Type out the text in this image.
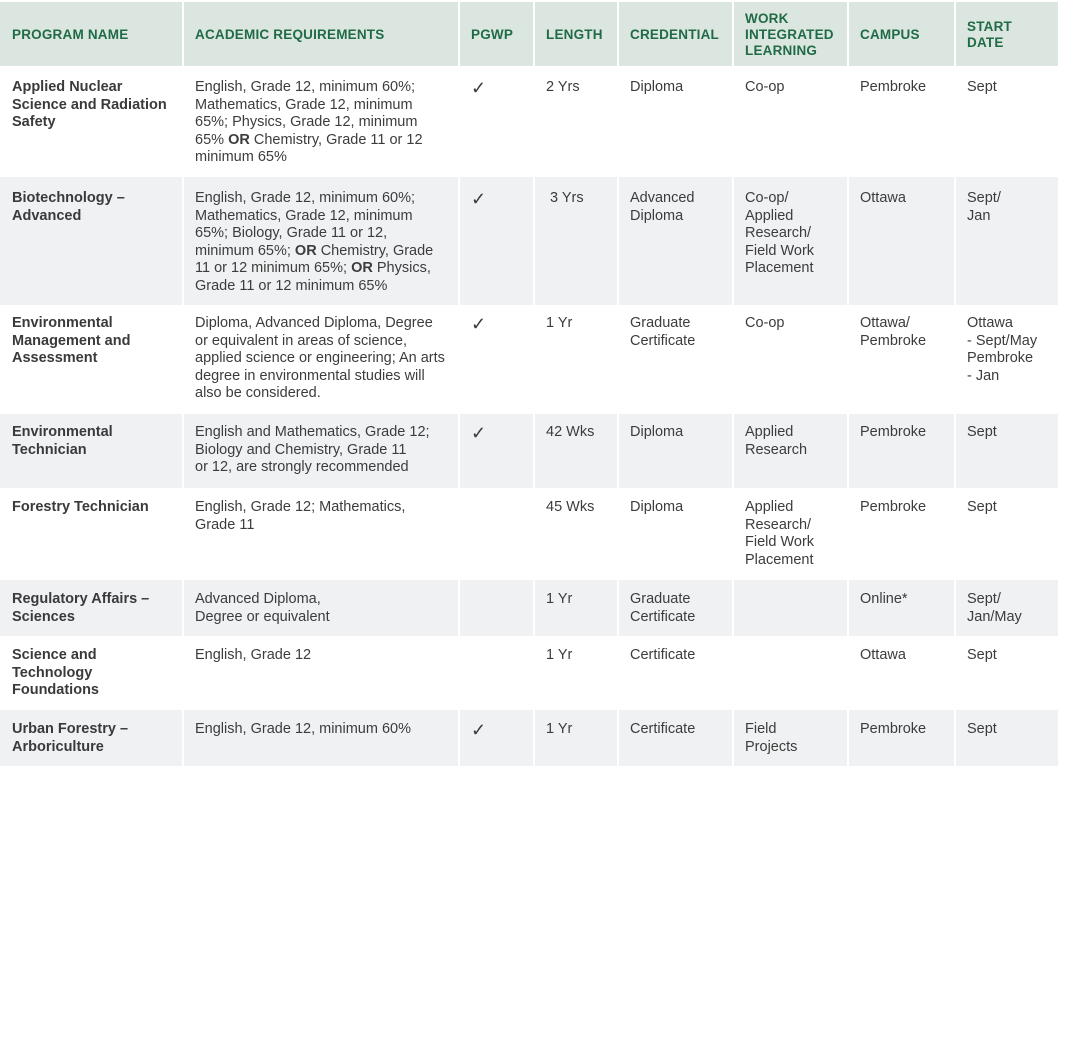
PROGRAM NAME	ACADEMIC REQUIREMENTS	PGWP	LENGTH	CREDENTIAL	WORK
INTEGRATED
LEARNING	CAMPUS	START
DATE
Applied Nuclear Science and Radiation Safety	English, Grade 12, minimum 60%; Mathematics, Grade 12, minimum 65%; Physics, Grade 12, minimum 65% OR Chemistry, Grade 11 or 12 minimum 65%	✓	2 Yrs	Diploma	Co-op	Pembroke	Sept
Biotechnology – Advanced	English, Grade 12, minimum 60%; Mathematics, Grade 12, minimum 65%; Biology, Grade 11 or 12, minimum 65%; OR Chemistry, Grade 11 or 12 minimum 65%; OR Physics, Grade 11 or 12 minimum 65%	✓	3 Yrs	Advanced
Diploma	Co-op/
Applied
Research/
Field Work
Placement	Ottawa	Sept/
Jan
Environmental Management and Assessment	Diploma, Advanced Diploma, Degree or equivalent in areas of science, applied science or engineering; An arts degree in environmental studies will also be considered.	✓	1 Yr	Graduate
Certificate	Co-op	Ottawa/
Pembroke	Ottawa
- Sept/May
Pembroke
- Jan
Environmental Technician	English and Mathematics, Grade 12;
Biology and Chemistry, Grade 11
or 12, are strongly recommended	✓	42 Wks	Diploma	Applied
Research	Pembroke	Sept
Forestry Technician	English, Grade 12; Mathematics,
Grade 11		45 Wks	Diploma	Applied
Research/
Field Work
Placement	Pembroke	Sept
Regulatory Affairs – Sciences	Advanced Diploma,
Degree or equivalent		1 Yr	Graduate
Certificate		Online*	Sept/
Jan/May
Science and Technology Foundations	English, Grade 12		1 Yr	Certificate		Ottawa	Sept
Urban Forestry – Arboriculture	English, Grade 12, minimum 60%	✓	1 Yr	Certificate	Field
Projects	Pembroke	Sept
